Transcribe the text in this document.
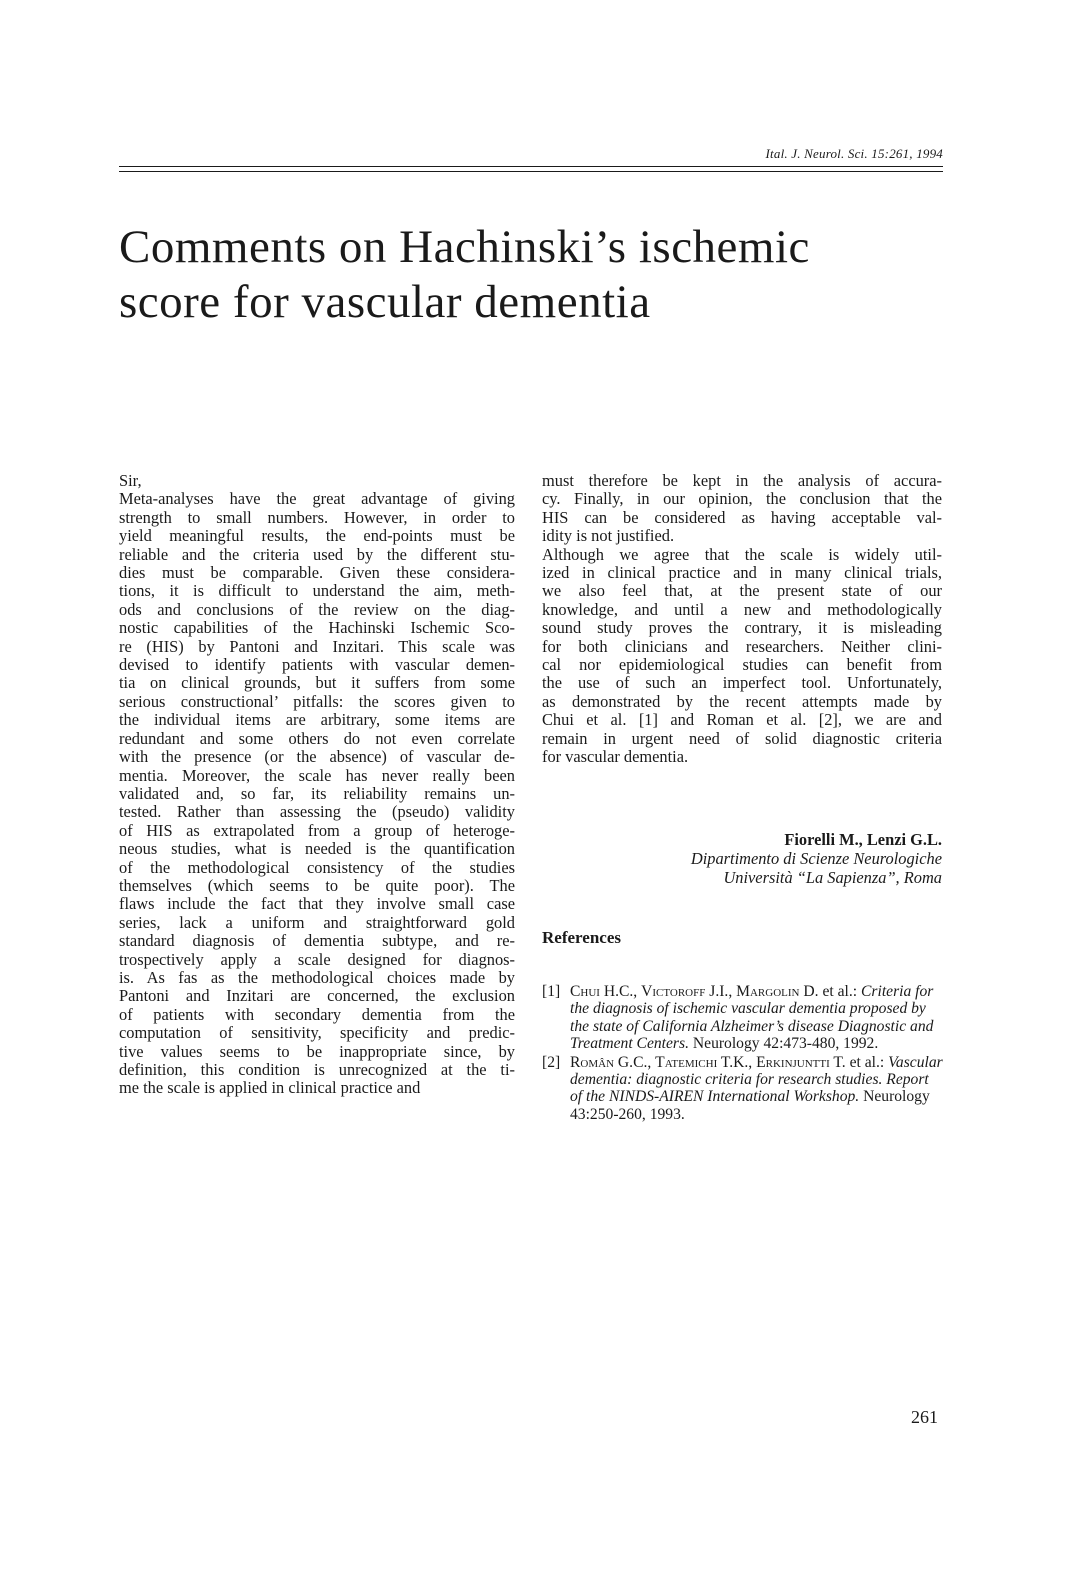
Ital. J. Neurol. Sci. 15:261, 1994
Comments on Hachinski’s ischemic
score for vascular dementia
Sir,

Meta-analyses have the great advantage of giving
strength to small numbers. However, in order to
yield meaningful results, the end-points must be
reliable and the criteria used by the different stu-
dies must be comparable. Given these considera-
tions, it is difficult to understand the aim, meth-
ods and conclusions of the review on the diag-
nostic capabilities of the Hachinski Ischemic Sco-
re (HIS) by Pantoni and Inzitari. This scale was
devised to identify patients with vascular demen-
tia on clinical grounds, but it suffers from some
serious constructional’ pitfalls: the scores given to
the individual items are arbitrary, some items are
redundant and some others do not even correlate
with the presence (or the absence) of vascular de-
mentia. Moreover, the scale has never really been
validated and, so far, its reliability remains un-
tested. Rather than assessing the (pseudo) validity
of HIS as extrapolated from a group of heteroge-
neous studies, what is needed is the quantification
of the methodological consistency of the studies
themselves (which seems to be quite poor). The
flaws include the fact that they involve small case
series, lack a uniform and straightforward gold
standard diagnosis of dementia subtype, and re-
trospectively apply a scale designed for diagnos-
is. As fas as the methodological choices made by
Pantoni and Inzitari are concerned, the exclusion
of patients with secondary dementia from the
computation of sensitivity, specificity and predic-
tive values seems to be inappropriate since, by
definition, this condition is unrecognized at the ti-
me the scale is applied in clinical practice and

must therefore be kept in the analysis of accura-
cy. Finally, in our opinion, the conclusion that the
HIS can be considered as having acceptable val-
idity is not justified.

Although we agree that the scale is widely util-
ized in clinical practice and in many clinical trials,
we also feel that, at the present state of our
knowledge, and until a new and methodologically
sound study proves the contrary, it is misleading
for both clinicians and researchers. Neither clini-
cal nor epidemiological studies can benefit from
the use of such an imperfect tool. Unfortunately,
as demonstrated by the recent attempts made by
Chui et al. [1] and Roman et al. [2], we are and
remain in urgent need of solid diagnostic criteria
for vascular dementia.

Fiorelli M., Lenzi G.L.
Dipartimento di Scienze Neurologiche
Università “La Sapienza”, Roma
References
[1] Chui H.C., Victoroff J.I., Margolin D. et al.: Criteria for the diagnosis of ischemic vascular dementia proposed by the state of California Alzheimer’s disease Diagnostic and Treatment Centers. Neurology 42:473-480, 1992.
[2] Român G.C., Tatemichi T.K., Erkinjuntti T. et al.: Vascular dementia: diagnostic criteria for research studies. Report of the NINDS-AIREN International Workshop. Neurology 43:250-260, 1993.
261
